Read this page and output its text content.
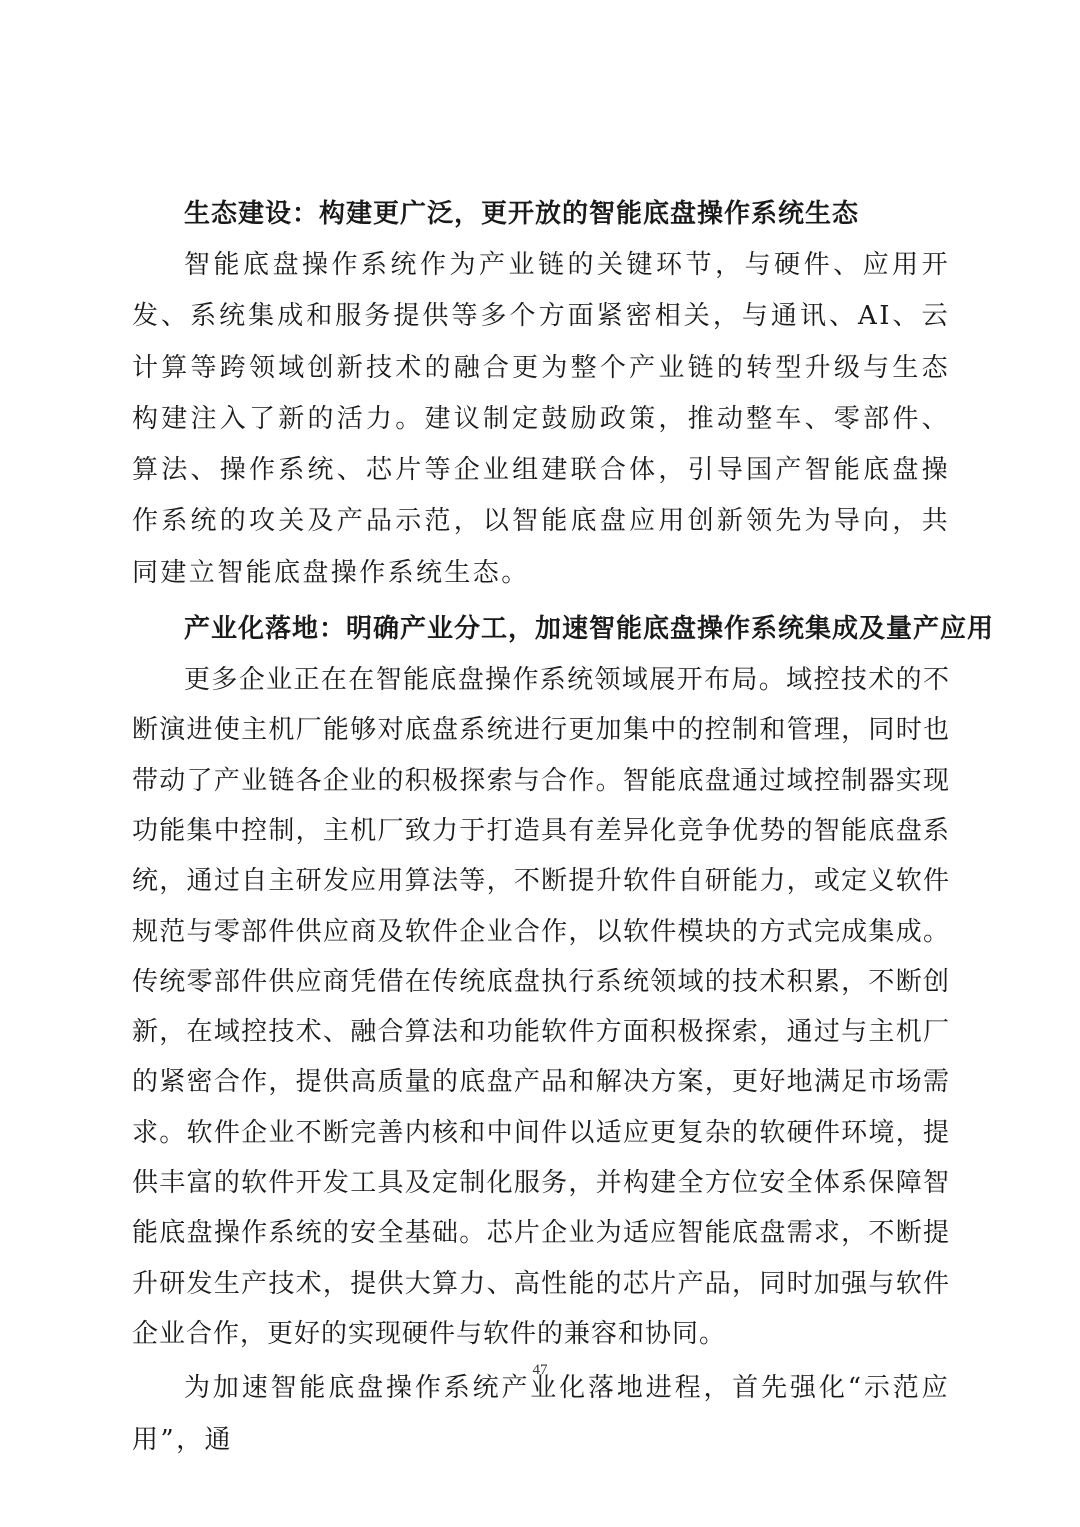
生态建设：构建更广泛，更开放的智能底盘操作系统生态

智能底盘操作系统作为产业链的关键环节，与硬件、应用开发、系统集成和服务提供等多个方面紧密相关，与通讯、AI、云计算等跨领域创新技术的融合更为整个产业链的转型升级与生态构建注入了新的活力。建议制定鼓励政策，推动整车、零部件、算法、操作系统、芯片等企业组建联合体，引导国产智能底盘操作系统的攻关及产品示范，以智能底盘应用创新领先为导向，共同建立智能底盘操作系统生态。

产业化落地：明确产业分工，加速智能底盘操作系统集成及量产应用

更多企业正在在智能底盘操作系统领域展开布局。域控技术的不断演进使主机厂能够对底盘系统进行更加集中的控制和管理，同时也带动了产业链各企业的积极探索与合作。智能底盘通过域控制器实现功能集中控制，主机厂致力于打造具有差异化竞争优势的智能底盘系统，通过自主研发应用算法等，不断提升软件自研能力，或定义软件规范与零部件供应商及软件企业合作，以软件模块的方式完成集成。传统零部件供应商凭借在传统底盘执行系统领域的技术积累，不断创新，在域控技术、融合算法和功能软件方面积极探索，通过与主机厂的紧密合作，提供高质量的底盘产品和解决方案，更好地满足市场需求。软件企业不断完善内核和中间件以适应更复杂的软硬件环境，提供丰富的软件开发工具及定制化服务，并构建全方位安全体系保障智能底盘操作系统的安全基础。芯片企业为适应智能底盘需求，不断提升研发生产技术，提供大算力、高性能的芯片产品，同时加强与软件企业合作，更好的实现硬件与软件的兼容和协同。

为加速智能底盘操作系统产业化落地进程，首先强化“示范应用”，通

47
